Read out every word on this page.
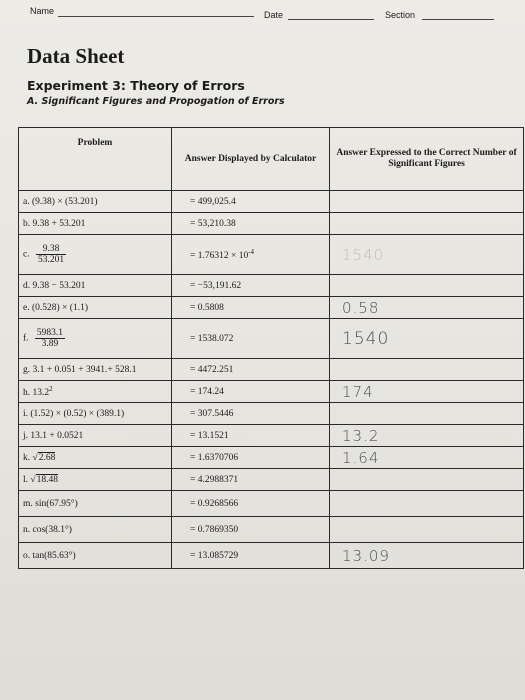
Name	Date	Section
Data Sheet

Experiment 3: Theory of Errors

A. Significant Figures and Propogation of Errors

Problem	Answer Displayed by Calculator	Answer Expressed to the Correct Number of Significant Figures
a. (9.38) × (53.201)	= 499,025.4	
b. 9.38 + 53.201	= 53,210.38	
c. $\frac{9.38}{53.201}$	= $1.76312 \times 10^{-4}$	1540
d. 9.38 − 53.201	= −53,191.62	
e. (0.528) × (1.1)	= 0.5808	0.58
f. $\frac{5983.1}{3.89}$	= 1538.072	1540
g. 3.1 + 0.051 + 3941.+ 528.1	= 4472.251	
h. $13.2^2$	= 174.24	174
i. (1.52) × (0.52) × (389.1)	= 307.5446	
j. 13.1 + 0.0521	= 13.1521	13.2
k. √2.68	= 1.6370706	1.64
l. √18.48	= 4.2988371	
m. sin(67.95°)	= 0.9268566	
n. cos(38.1°)	= 0.7869350	
o. tan(85.63°)	= 13.085729	13.09
